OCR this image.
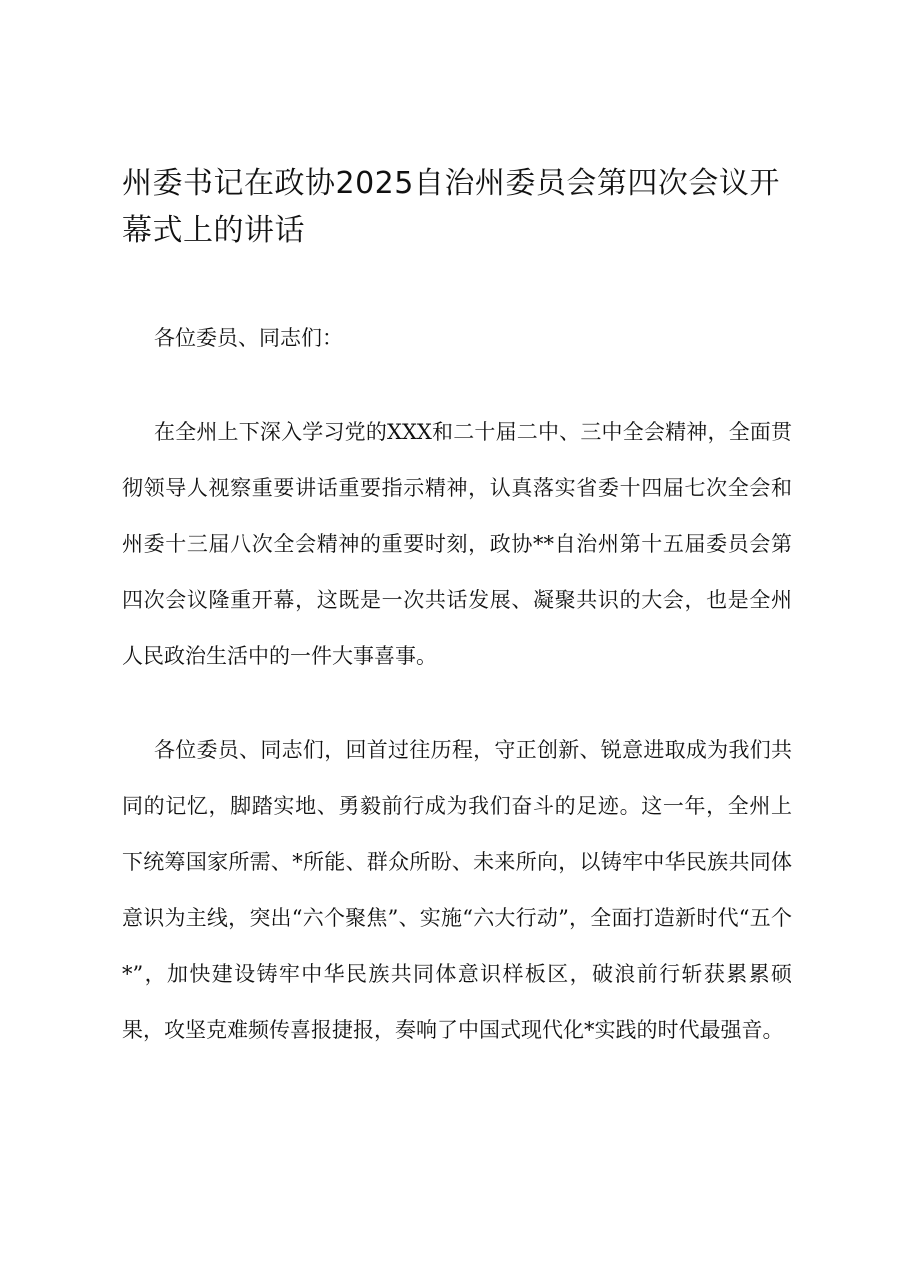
州委书记在政协2025自治州委员会第四次会议开幕式上的讲话

各位委员、同志们：

在全州上下深入学习党的XXX和二十届二中、三中全会精神，全面贯彻领导人视察重要讲话重要指示精神，认真落实省委十四届七次全会和州委十三届八次全会精神的重要时刻，政协**自治州第十五届委员会第四次会议隆重开幕，这既是一次共话发展、凝聚共识的大会，也是全州人民政治生活中的一件大事喜事。

各位委员、同志们，回首过往历程，守正创新、锐意进取成为我们共同的记忆，脚踏实地、勇毅前行成为我们奋斗的足迹。这一年，全州上下统筹国家所需、*所能、群众所盼、未来所向，以铸牢中华民族共同体意识为主线，突出“六个聚焦”、实施“六大行动”，全面打造新时代“五个*”，加快建设铸牢中华民族共同体意识样板区，破浪前行斩获累累硕果，攻坚克难频传喜报捷报，奏响了中国式现代化*实践的时代最强音。
